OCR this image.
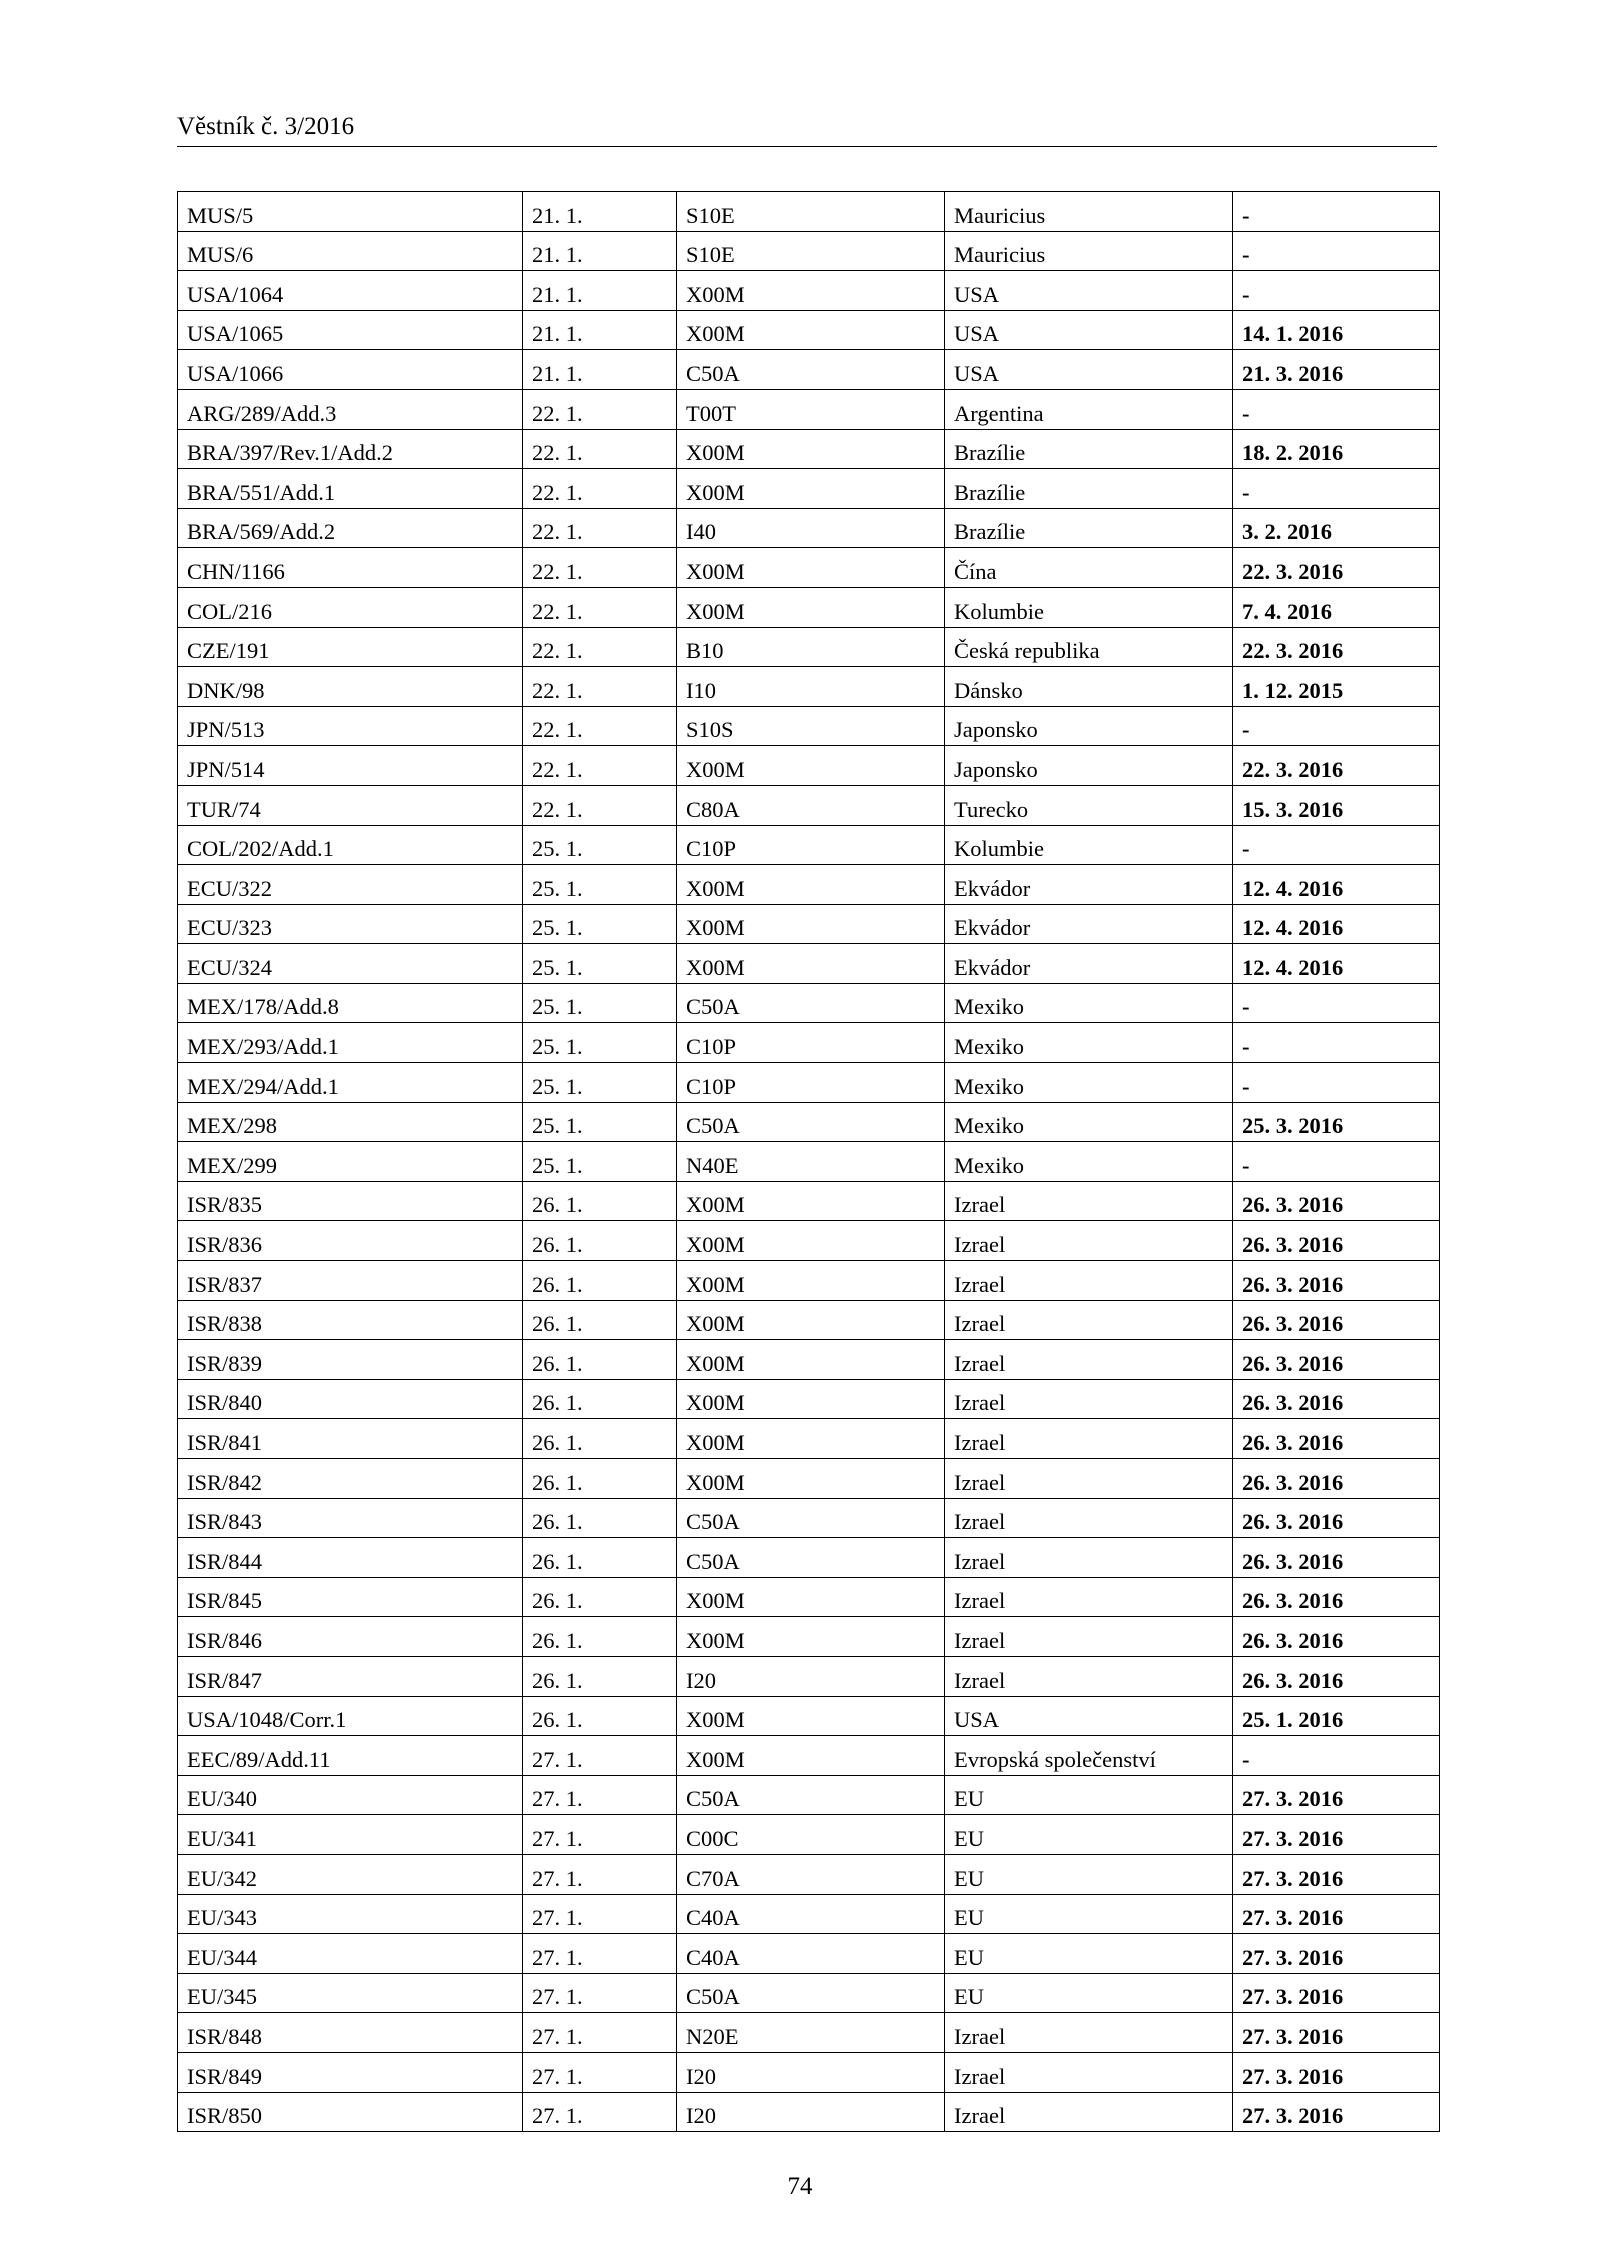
Věstník č. 3/2016
MUS/5	21. 1.	S10E	Mauricius	-
MUS/6	21. 1.	S10E	Mauricius	-
USA/1064	21. 1.	X00M	USA	-
USA/1065	21. 1.	X00M	USA	14. 1. 2016
USA/1066	21. 1.	C50A	USA	21. 3. 2016
ARG/289/Add.3	22. 1.	T00T	Argentina	-
BRA/397/Rev.1/Add.2	22. 1.	X00M	Brazílie	18. 2. 2016
BRA/551/Add.1	22. 1.	X00M	Brazílie	-
BRA/569/Add.2	22. 1.	I40	Brazílie	3. 2. 2016
CHN/1166	22. 1.	X00M	Čína	22. 3. 2016
COL/216	22. 1.	X00M	Kolumbie	7. 4. 2016
CZE/191	22. 1.	B10	Česká republika	22. 3. 2016
DNK/98	22. 1.	I10	Dánsko	1. 12. 2015
JPN/513	22. 1.	S10S	Japonsko	-
JPN/514	22. 1.	X00M	Japonsko	22. 3. 2016
TUR/74	22. 1.	C80A	Turecko	15. 3. 2016
COL/202/Add.1	25. 1.	C10P	Kolumbie	-
ECU/322	25. 1.	X00M	Ekvádor	12. 4. 2016
ECU/323	25. 1.	X00M	Ekvádor	12. 4. 2016
ECU/324	25. 1.	X00M	Ekvádor	12. 4. 2016
MEX/178/Add.8	25. 1.	C50A	Mexiko	-
MEX/293/Add.1	25. 1.	C10P	Mexiko	-
MEX/294/Add.1	25. 1.	C10P	Mexiko	-
MEX/298	25. 1.	C50A	Mexiko	25. 3. 2016
MEX/299	25. 1.	N40E	Mexiko	-
ISR/835	26. 1.	X00M	Izrael	26. 3. 2016
ISR/836	26. 1.	X00M	Izrael	26. 3. 2016
ISR/837	26. 1.	X00M	Izrael	26. 3. 2016
ISR/838	26. 1.	X00M	Izrael	26. 3. 2016
ISR/839	26. 1.	X00M	Izrael	26. 3. 2016
ISR/840	26. 1.	X00M	Izrael	26. 3. 2016
ISR/841	26. 1.	X00M	Izrael	26. 3. 2016
ISR/842	26. 1.	X00M	Izrael	26. 3. 2016
ISR/843	26. 1.	C50A	Izrael	26. 3. 2016
ISR/844	26. 1.	C50A	Izrael	26. 3. 2016
ISR/845	26. 1.	X00M	Izrael	26. 3. 2016
ISR/846	26. 1.	X00M	Izrael	26. 3. 2016
ISR/847	26. 1.	I20	Izrael	26. 3. 2016
USA/1048/Corr.1	26. 1.	X00M	USA	25. 1. 2016
EEC/89/Add.11	27. 1.	X00M	Evropská společenství	-
EU/340	27. 1.	C50A	EU	27. 3. 2016
EU/341	27. 1.	C00C	EU	27. 3. 2016
EU/342	27. 1.	C70A	EU	27. 3. 2016
EU/343	27. 1.	C40A	EU	27. 3. 2016
EU/344	27. 1.	C40A	EU	27. 3. 2016
EU/345	27. 1.	C50A	EU	27. 3. 2016
ISR/848	27. 1.	N20E	Izrael	27. 3. 2016
ISR/849	27. 1.	I20	Izrael	27. 3. 2016
ISR/850	27. 1.	I20	Izrael	27. 3. 2016
74
